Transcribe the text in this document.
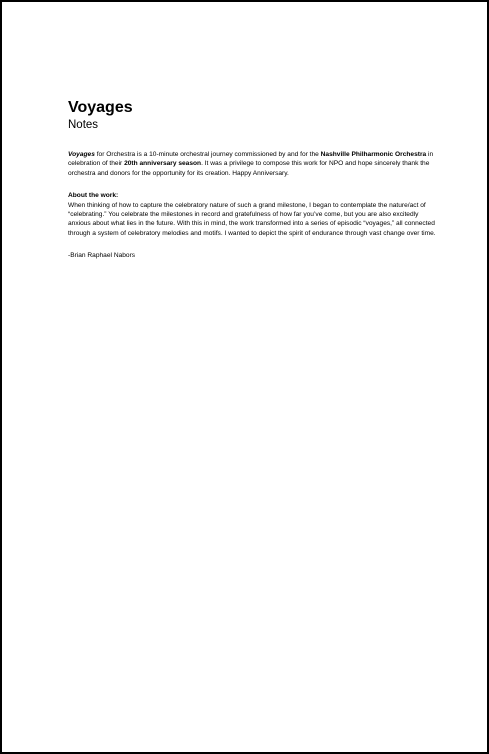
Voyages
Notes

Voyages for Orchestra is a 10-minute orchestral journey commissioned by and for the Nashville Philharmonic Orchestra in celebration of their 20th anniversary season. It was a privilege to compose this work for NPO and hope sincerely thank the orchestra and donors for the opportunity for its creation. Happy Anniversary.

About the work:
When thinking of how to capture the celebratory nature of such a grand milestone, I began to contemplate the nature/act of “celebrating.” You celebrate the milestones in record and gratefulness of how far you’ve come, but you are also excitedly anxious about what lies in the future. With this in mind, the work transformed into a series of episodic “voyages,” all connected through a system of celebratory melodies and motifs. I wanted to depict the spirit of endurance through vast change over time.

-Brian Raphael Nabors
